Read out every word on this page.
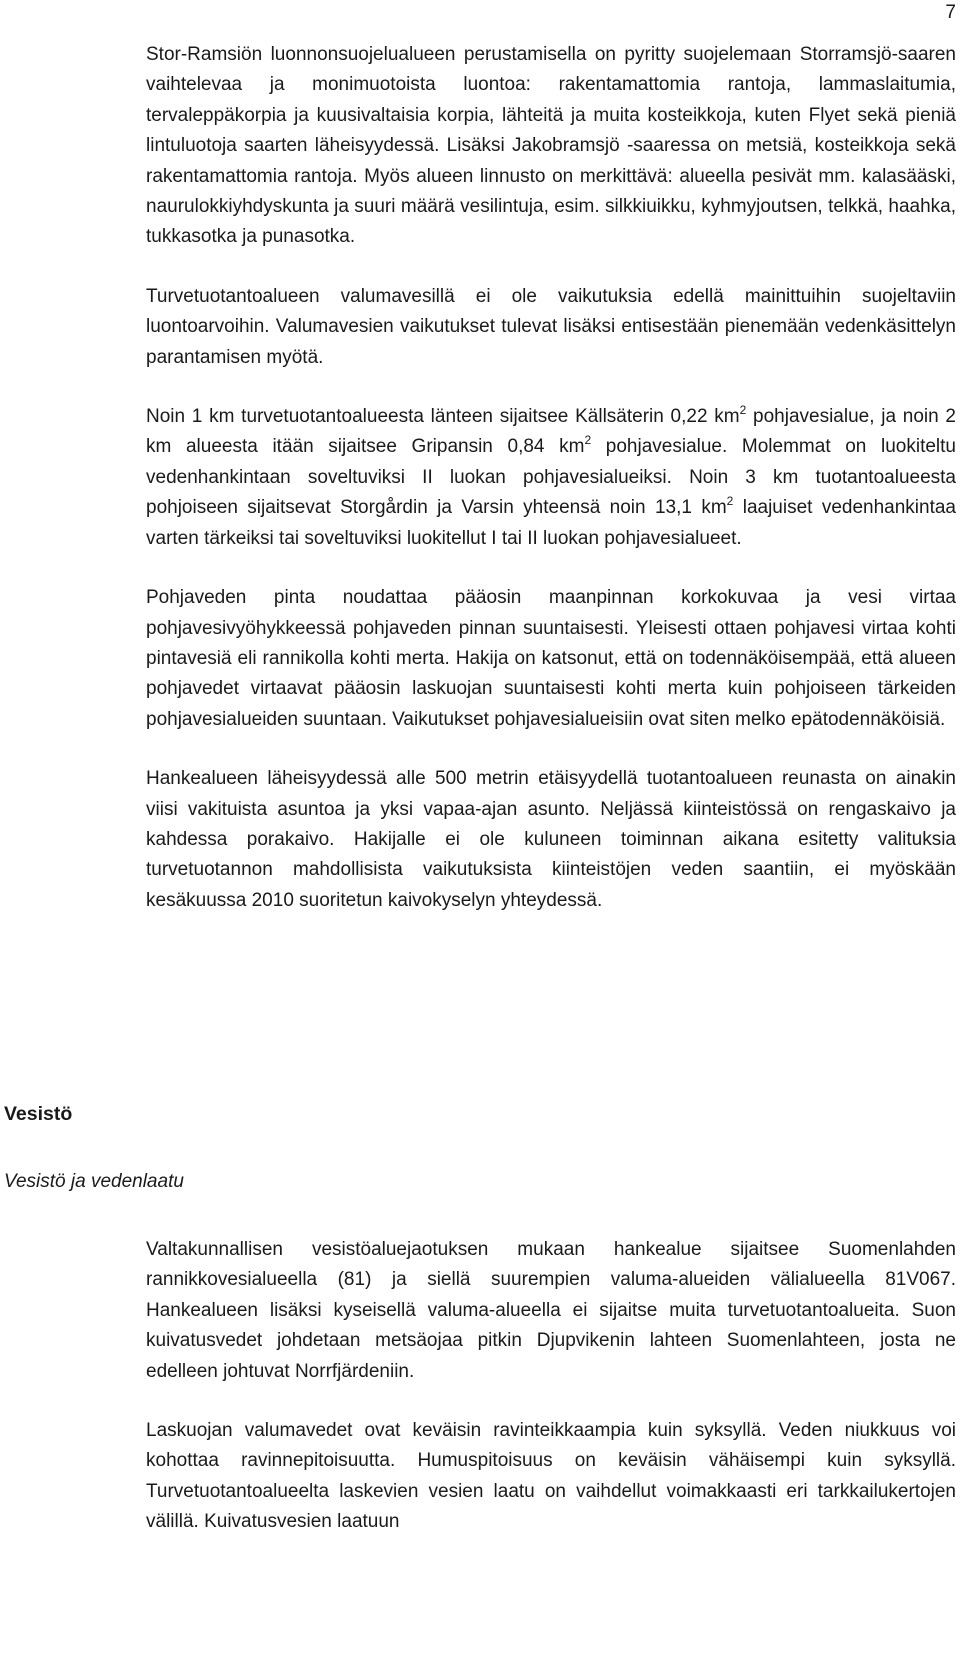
7

Stor-Ramsiön luonnonsuojelualueen perustamisella on pyritty suojelemaan Storramsjö-saaren vaihtelevaa ja monimuotoista luontoa: rakentamattomia rantoja, lammaslaitumia, tervaleppäkorpia ja kuusivaltaisia korpia, lähteitä ja muita kosteikkoja, kuten Flyet sekä pieniä lintuluotoja saarten läheisyydessä. Lisäksi Jakobramsjö -saaressa on metsiä, kosteikkoja sekä rakentamattomia rantoja. Myös alueen linnusto on merkittävä: alueella pesivät mm. kalasääski, naurulokkiyhdyskunta ja suuri määrä vesilintuja, esim. silkkiuikku, kyhmyjoutsen, telkkä, haahka, tukkasotka ja punasotka.

Turvetuotantoalueen valumavesillä ei ole vaikutuksia edellä mainittuihin suojeltaviin luontoarvoihin. Valumavesien vaikutukset tulevat lisäksi entisestään pienemään vedenkäsittelyn parantamisen myötä.

Noin 1 km turvetuotantoalueesta länteen sijaitsee Källsäterin 0,22 $km^2$ pohjavesialue, ja noin 2 km alueesta itään sijaitsee Gripansin 0,84 $km^2$ pohjavesialue. Molemmat on luokiteltu vedenhankintaan soveltuviksi II luokan pohjavesialueiksi. Noin 3 km tuotantoalueesta pohjoiseen sijaitsevat Storgårdin ja Varsin yhteensä noin 13,1 $km^2$ laajuiset vedenhankintaa varten tärkeiksi tai soveltuviksi luokitellut I tai II luokan pohjavesialueet.

Pohjaveden pinta noudattaa pääosin maanpinnan korkokuvaa ja vesi virtaa pohjavesivyöhykkeessä pohjaveden pinnan suuntaisesti. Yleisesti ottaen pohjavesi virtaa kohti pintavesiä eli rannikolla kohti merta. Hakija on katsonut, että on todennäköisempää, että alueen pohjavedet virtaavat pääosin laskuojan suuntaisesti kohti merta kuin pohjoiseen tärkeiden pohjavesialueiden suuntaan. Vaikutukset pohjavesialueisiin ovat siten melko epätodennäköisiä.

Hankealueen läheisyydessä alle 500 metrin etäisyydellä tuotantoalueen reunasta on ainakin viisi vakituista asuntoa ja yksi vapaa-ajan asunto. Neljässä kiinteistössä on rengaskaivo ja kahdessa porakaivo. Hakijalle ei ole kuluneen toiminnan aikana esitetty valituksia turvetuotannon mahdollisista vaikutuksista kiinteistöjen veden saantiin, ei myöskään kesäkuussa 2010 suoritetun kaivokyselyn yhteydessä.

Vesistö
Vesistö ja vedenlaatu

Valtakunnallisen vesistöaluejaotuksen mukaan hankealue sijaitsee Suomenlahden rannikkovesialueella (81) ja siellä suurempien valuma-alueiden välialueella 81V067. Hankealueen lisäksi kyseisellä valuma-alueella ei sijaitse muita turvetuotantoalueita. Suon kuivatusvedet johdetaan metsäojaa pitkin Djupvikenin lahteen Suomenlahteen, josta ne edelleen johtuvat Norrfjärdeniin.

Laskuojan valumavedet ovat keväisin ravinteikkaampia kuin syksyllä. Veden niukkuus voi kohottaa ravinnepitoisuutta. Humuspitoisuus on keväisin vähäisempi kuin syksyllä. Turvetuotantoalueelta laskevien vesien laatu on vaihdellut voimakkaasti eri tarkkailukertojen välillä. Kuivatusvesien laatuun
